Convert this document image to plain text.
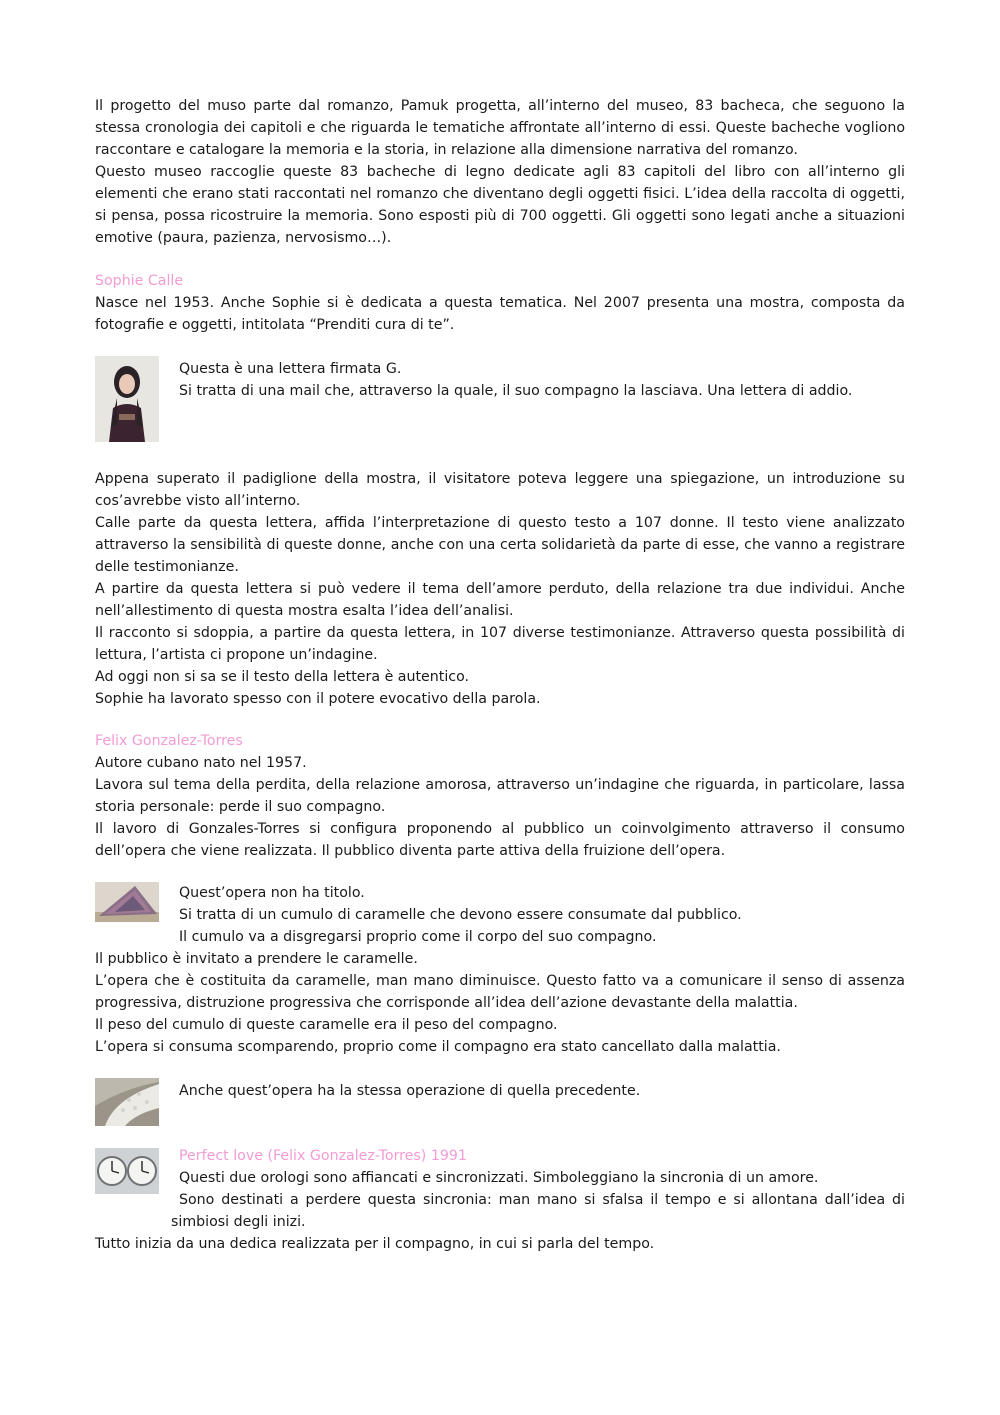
Il progetto del muso parte dal romanzo, Pamuk progetta, all’interno del museo, 83 bacheca, che seguono la stessa cronologia dei capitoli e che riguarda le tematiche affrontate all’interno di essi. Queste bacheche vogliono raccontare e catalogare la memoria e la storia, in relazione alla dimensione narrativa del romanzo.

Questo museo raccoglie queste 83 bacheche di legno dedicate agli 83 capitoli del libro con all’interno gli elementi che erano stati raccontati nel romanzo che diventano degli oggetti fisici. L’idea della raccolta di oggetti, si pensa, possa ricostruire la memoria. Sono esposti più di 700 oggetti. Gli oggetti sono legati anche a situazioni emotive (paura, pazienza, nervosismo…).

Sophie Calle

Nasce nel 1953. Anche Sophie si è dedicata a questa tematica. Nel 2007 presenta una mostra, composta da fotografie e oggetti, intitolata “Prenditi cura di te”.

Questa è una lettera firmata G.

Si tratta di una mail che, attraverso la quale, il suo compagno la lasciava. Una lettera di addio.

Appena superato il padiglione della mostra, il visitatore poteva leggere una spiegazione, un introduzione su cos’avrebbe visto all’interno.

Calle parte da questa lettera, affida l’interpretazione di questo testo a 107 donne. Il testo viene analizzato attraverso la sensibilità di queste donne, anche con una certa solidarietà da parte di esse, che vanno a registrare delle testimonianze.

A partire da questa lettera si può vedere il tema dell’amore perduto, della relazione tra due individui. Anche nell’allestimento di questa mostra esalta l’idea dell’analisi.

Il racconto si sdoppia, a partire da questa lettera, in 107 diverse testimonianze. Attraverso questa possibilità di lettura, l’artista ci propone un’indagine.

Ad oggi non si sa se il testo della lettera è autentico.

Sophie ha lavorato spesso con il potere evocativo della parola.

Felix Gonzalez-Torres

Autore cubano nato nel 1957.

Lavora sul tema della perdita, della relazione amorosa, attraverso un’indagine che riguarda, in particolare, lassa storia personale: perde il suo compagno.

Il lavoro di Gonzales-Torres si configura proponendo al pubblico un coinvolgimento attraverso il consumo dell’opera che viene realizzata. Il pubblico diventa parte attiva della fruizione dell’opera.

Quest’opera non ha titolo.

Si tratta di un cumulo di caramelle che devono essere consumate dal pubblico.

Il cumulo va a disgregarsi proprio come il corpo del suo compagno.

Il pubblico è invitato a prendere le caramelle.

L’opera che è costituita da caramelle, man mano diminuisce. Questo fatto va a comunicare il senso di assenza progressiva, distruzione progressiva che corrisponde all’idea dell’azione devastante della malattia.

Il peso del cumulo di queste caramelle era il peso del compagno.

L’opera si consuma scomparendo, proprio come il compagno era stato cancellato dalla malattia.

Anche quest’opera ha la stessa operazione di quella precedente.

Perfect love (Felix Gonzalez-Torres) 1991

Questi due orologi sono affiancati e sincronizzati. Simboleggiano la sincronia di un amore.

Sono destinati a perdere questa sincronia: man mano si sfalsa il tempo e si allontana dall’idea di simbiosi degli inizi.

Tutto inizia da una dedica realizzata per il compagno, in cui si parla del tempo.
